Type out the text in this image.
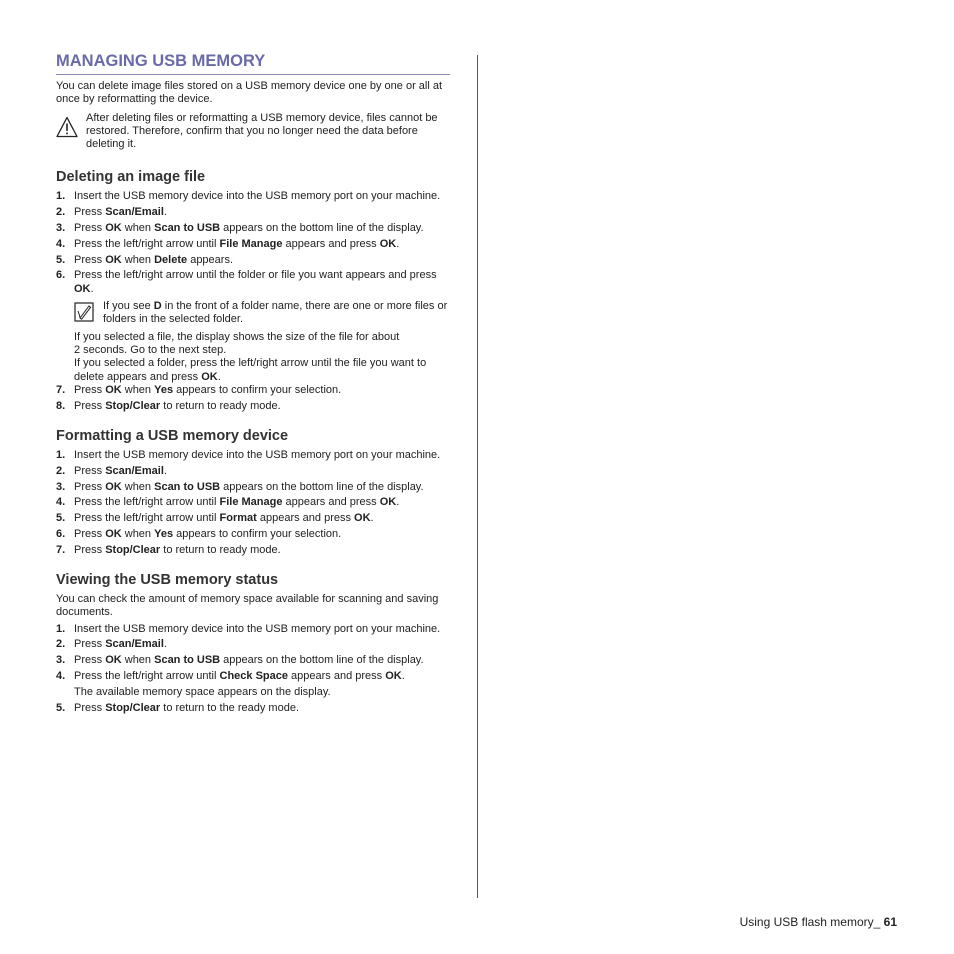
MANAGING USB MEMORY

You can delete image files stored on a USB memory device one by one or all at once by reformatting the device.

After deleting files or reformatting a USB memory device, files cannot be restored. Therefore, confirm that you no longer need the data before deleting it.

Deleting an image file
1. Insert the USB memory device into the USB memory port on your machine.
2. Press Scan/Email.
3. Press OK when Scan to USB appears on the bottom line of the display.
4. Press the left/right arrow until File Manage appears and press OK.
5. Press OK when Delete appears.
6. Press the left/right arrow until the folder or file you want appears and press OK.

If you see D in the front of a folder name, there are one or more files or folders in the selected folder.

If you selected a file, the display shows the size of the file for about
2 seconds. Go to the next step.
If you selected a folder, press the left/right arrow until the file you want to delete appears and press OK.
7. Press OK when Yes appears to confirm your selection.
8. Press Stop/Clear to return to ready mode.
Formatting a USB memory device
1. Insert the USB memory device into the USB memory port on your machine.
2. Press Scan/Email.
3. Press OK when Scan to USB appears on the bottom line of the display.
4. Press the left/right arrow until File Manage appears and press OK.
5. Press the left/right arrow until Format appears and press OK.
6. Press OK when Yes appears to confirm your selection.
7. Press Stop/Clear to return to ready mode.
Viewing the USB memory status

You can check the amount of memory space available for scanning and saving documents.

1. Insert the USB memory device into the USB memory port on your machine.
2. Press Scan/Email.
3. Press OK when Scan to USB appears on the bottom line of the display.
4. Press the left/right arrow until Check Space appears and press OK.

The available memory space appears on the display.

5. Press Stop/Clear to return to the ready mode.
Using USB flash memory_ 61
